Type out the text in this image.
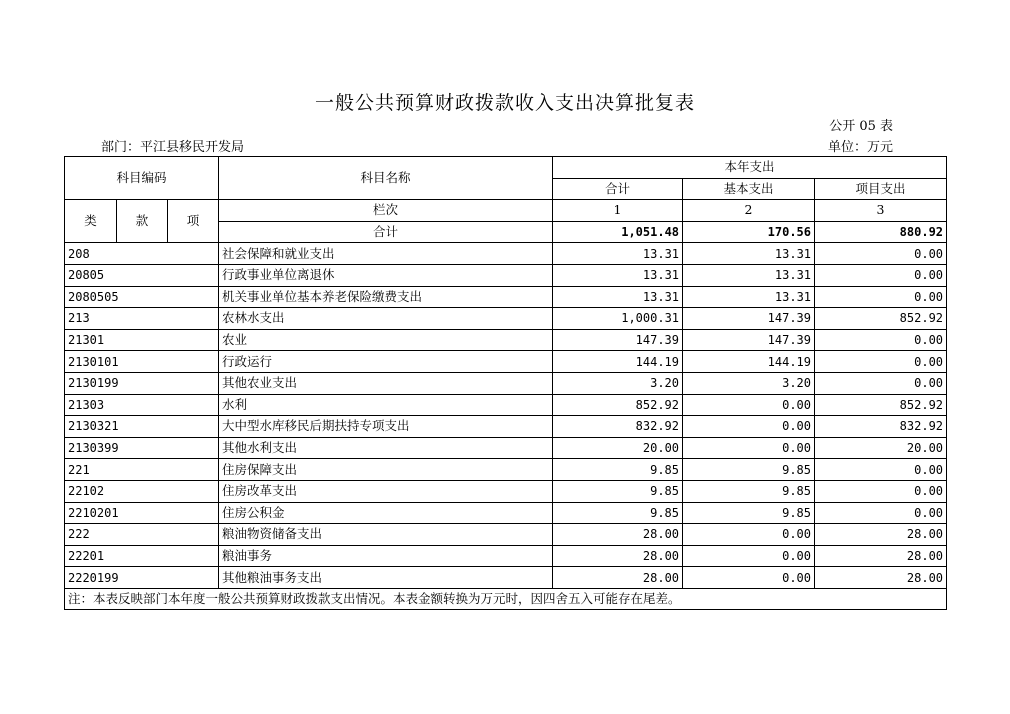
一般公共预算财政拨款收入支出决算批复表
公开 05 表
部门：平江县移民开发局	单位：万元
科目编码			科目名称	本年支出		
				合计	基本支出	项目支出
类	款	项	栏次	1	2	3
			合计	1,051.48	170.56	880.92
208			社会保障和就业支出	13.31	13.31	0.00
20805			行政事业单位离退休	13.31	13.31	0.00
2080505			机关事业单位基本养老保险缴费支出	13.31	13.31	0.00
213			农林水支出	1,000.31	147.39	852.92
21301			农业	147.39	147.39	0.00
2130101			行政运行	144.19	144.19	0.00
2130199			其他农业支出	3.20	3.20	0.00
21303			水利	852.92	0.00	852.92
2130321			大中型水库移民后期扶持专项支出	832.92	0.00	832.92
2130399			其他水利支出	20.00	0.00	20.00
221			住房保障支出	9.85	9.85	0.00
22102			住房改革支出	9.85	9.85	0.00
2210201			住房公积金	9.85	9.85	0.00
222			粮油物资储备支出	28.00	0.00	28.00
22201			粮油事务	28.00	0.00	28.00
2220199			其他粮油事务支出	28.00	0.00	28.00
注：本表反映部门本年度一般公共预算财政拨款支出情况。本表金额转换为万元时，因四舍五入可能存在尾差。						
